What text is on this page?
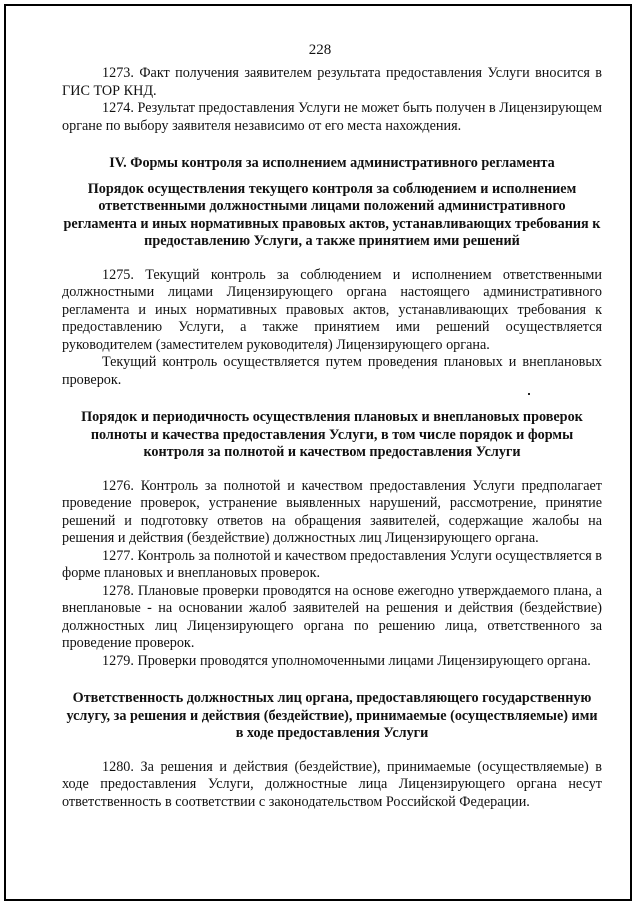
228

1273. Факт получения заявителем результата предоставления Услуги вносится в ГИС ТОР КНД.

1274. Результат предоставления Услуги не может быть получен в Лицензирующем органе по выбору заявителя независимо от его места нахождения.

IV. Формы контроля за исполнением административного регламента
Порядок осуществления текущего контроля за соблюдением и исполнением ответственными должностными лицами положений административного регламента и иных нормативных правовых актов, устанавливающих требования к предоставлению Услуги, а также принятием ими решений

1275. Текущий контроль за соблюдением и исполнением ответственными должностными лицами Лицензирующего органа настоящего административного регламента и иных нормативных правовых актов, устанавливающих требования к предоставлению Услуги, а также принятием ими решений осуществляется руководителем (заместителем руководителя) Лицензирующего органа.

Текущий контроль осуществляется путем проведения плановых и внеплановых проверок.

Порядок и периодичность осуществления плановых и внеплановых проверок полноты и качества предоставления Услуги, в том числе порядок и формы контроля за полнотой и качеством предоставления Услуги

1276. Контроль за полнотой и качеством предоставления Услуги предполагает проведение проверок, устранение выявленных нарушений, рассмотрение, принятие решений и подготовку ответов на обращения заявителей, содержащие жалобы на решения и действия (бездействие) должностных лиц Лицензирующего органа.

1277. Контроль за полнотой и качеством предоставления Услуги осуществляется в форме плановых и внеплановых проверок.

1278. Плановые проверки проводятся на основе ежегодно утверждаемого плана, а внеплановые - на основании жалоб заявителей на решения и действия (бездействие) должностных лиц Лицензирующего органа по решению лица, ответственного за проведение проверок.

1279. Проверки проводятся уполномоченными лицами Лицензирующего органа.

Ответственность должностных лиц органа, предоставляющего государственную услугу, за решения и действия (бездействие), принимаемые (осуществляемые) ими в ходе предоставления Услуги

1280. За решения и действия (бездействие), принимаемые (осуществляемые) в ходе предоставления Услуги, должностные лица Лицензирующего органа несут ответственность в соответствии с законодательством Российской Федерации.
